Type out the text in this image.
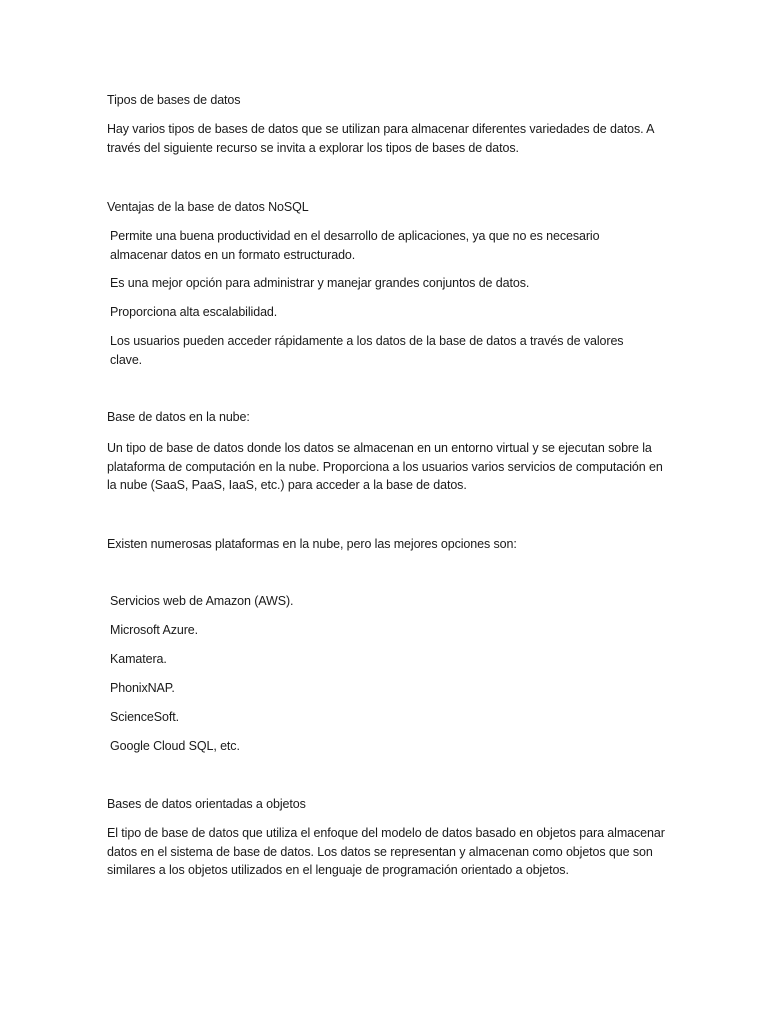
Tipos de bases de datos

Hay varios tipos de bases de datos que se utilizan para almacenar diferentes variedades de datos. A través del siguiente recurso se invita a explorar los tipos de bases de datos.

Ventajas de la base de datos NoSQL

Permite una buena productividad en el desarrollo de aplicaciones, ya que no es necesario almacenar datos en un formato estructurado.

Es una mejor opción para administrar y manejar grandes conjuntos de datos.

Proporciona alta escalabilidad.

Los usuarios pueden acceder rápidamente a los datos de la base de datos a través de valores clave.

Base de datos en la nube:

Un tipo de base de datos donde los datos se almacenan en un entorno virtual y se ejecutan sobre la plataforma de computación en la nube. Proporciona a los usuarios varios servicios de computación en la nube (SaaS, PaaS, IaaS, etc.) para acceder a la base de datos.

Existen numerosas plataformas en la nube, pero las mejores opciones son:

Servicios web de Amazon (AWS).

Microsoft Azure.

Kamatera.

PhonixNAP.

ScienceSoft.

Google Cloud SQL, etc.

Bases de datos orientadas a objetos

El tipo de base de datos que utiliza el enfoque del modelo de datos basado en objetos para almacenar datos en el sistema de base de datos. Los datos se representan y almacenan como objetos que son similares a los objetos utilizados en el lenguaje de programación orientado a objetos.
